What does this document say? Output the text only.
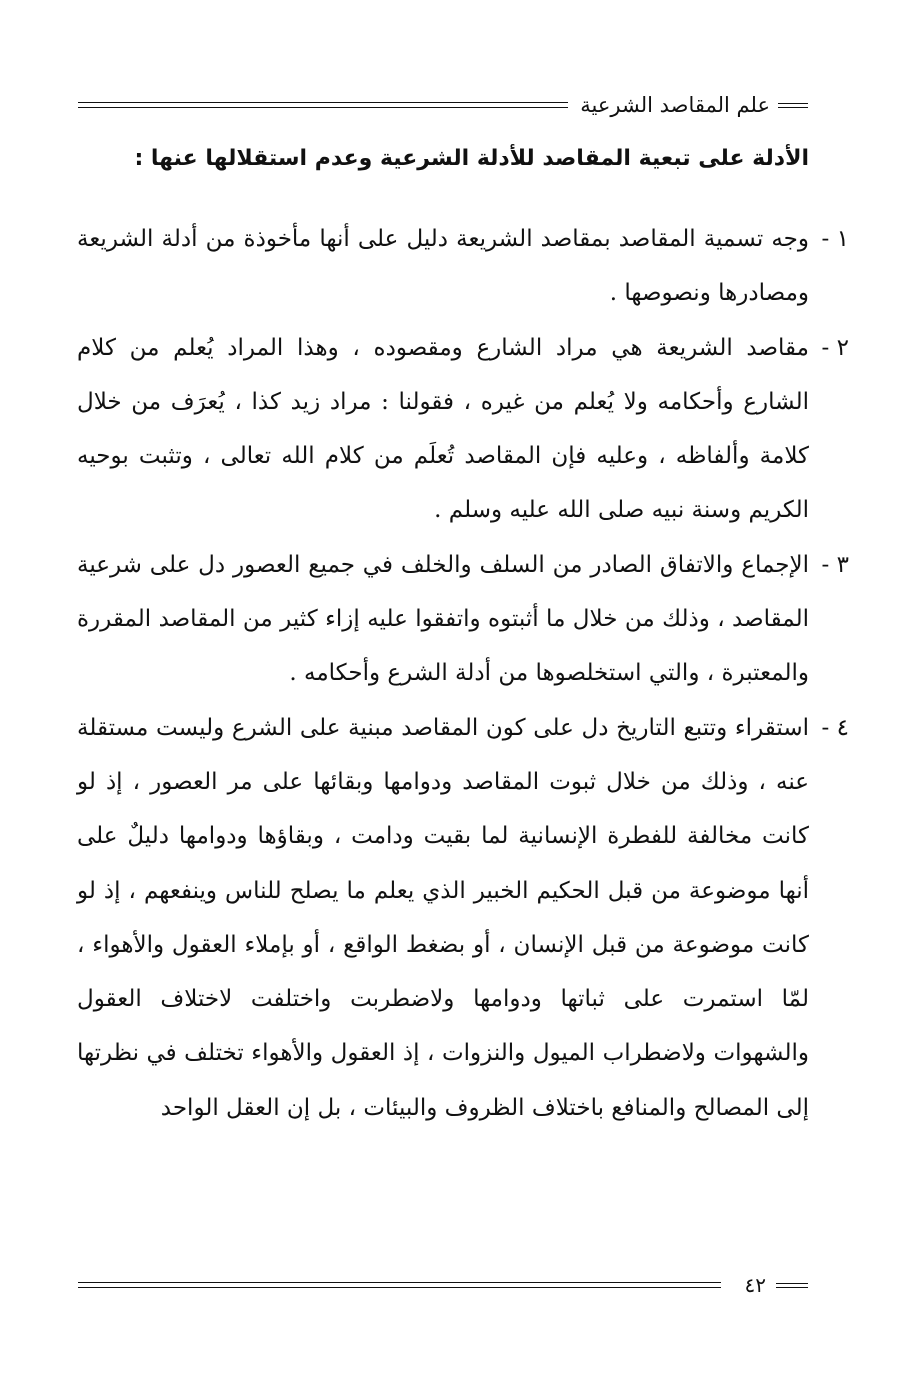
علم المقاصد الشرعية
الأدلة على تبعية المقاصد للأدلة الشرعية وعدم استقلالها عنها :
١ -
وجه تسمية المقاصد بمقاصد الشريعة دليل على أنها مأخوذة من أدلة الشريعة ومصادرها ونصوصها .
٢ -
مقاصد الشريعة هي مراد الشارع ومقصوده ، وهذا المراد يُعلم من كلام الشارع وأحكامه ولا يُعلم من غيره ، فقولنا : مراد زيد كذا ، يُعرَف من خلال كلامة وألفاظه ، وعليه فإن المقاصد تُعلَم من كلام الله تعالى ، وتثبت بوحيه الكريم وسنة نبيه صلى الله عليه وسلم .
٣ -
الإجماع والاتفاق الصادر من السلف والخلف في جميع العصور دل على شرعية المقاصد ، وذلك من خلال ما أثبتوه واتفقوا عليه إزاء كثير من المقاصد المقررة والمعتبرة ، والتي استخلصوها من أدلة الشرع وأحكامه .
٤ -
استقراء وتتبع التاريخ دل على كون المقاصد مبنية على الشرع وليست مستقلة عنه ، وذلك من خلال ثبوت المقاصد ودوامها وبقائها على مر العصور ، إذ لو كانت مخالفة للفطرة الإنسانية لما بقيت ودامت ، وبقاؤها ودوامها دليلٌ على أنها موضوعة من قبل الحكيم الخبير الذي يعلم ما يصلح للناس وينفعهم ، إذ لو كانت موضوعة من قبل الإنسان ، أو بضغط الواقع ، أو بإملاء العقول والأهواء ، لمّا استمرت على ثباتها ودوامها ولاضطربت واختلفت لاختلاف العقول والشهوات ولاضطراب الميول والنزوات ، إذ العقول والأهواء تختلف في نظرتها إلى المصالح والمنافع باختلاف الظروف والبيئات ، بل إن العقل الواحد
٤٢
